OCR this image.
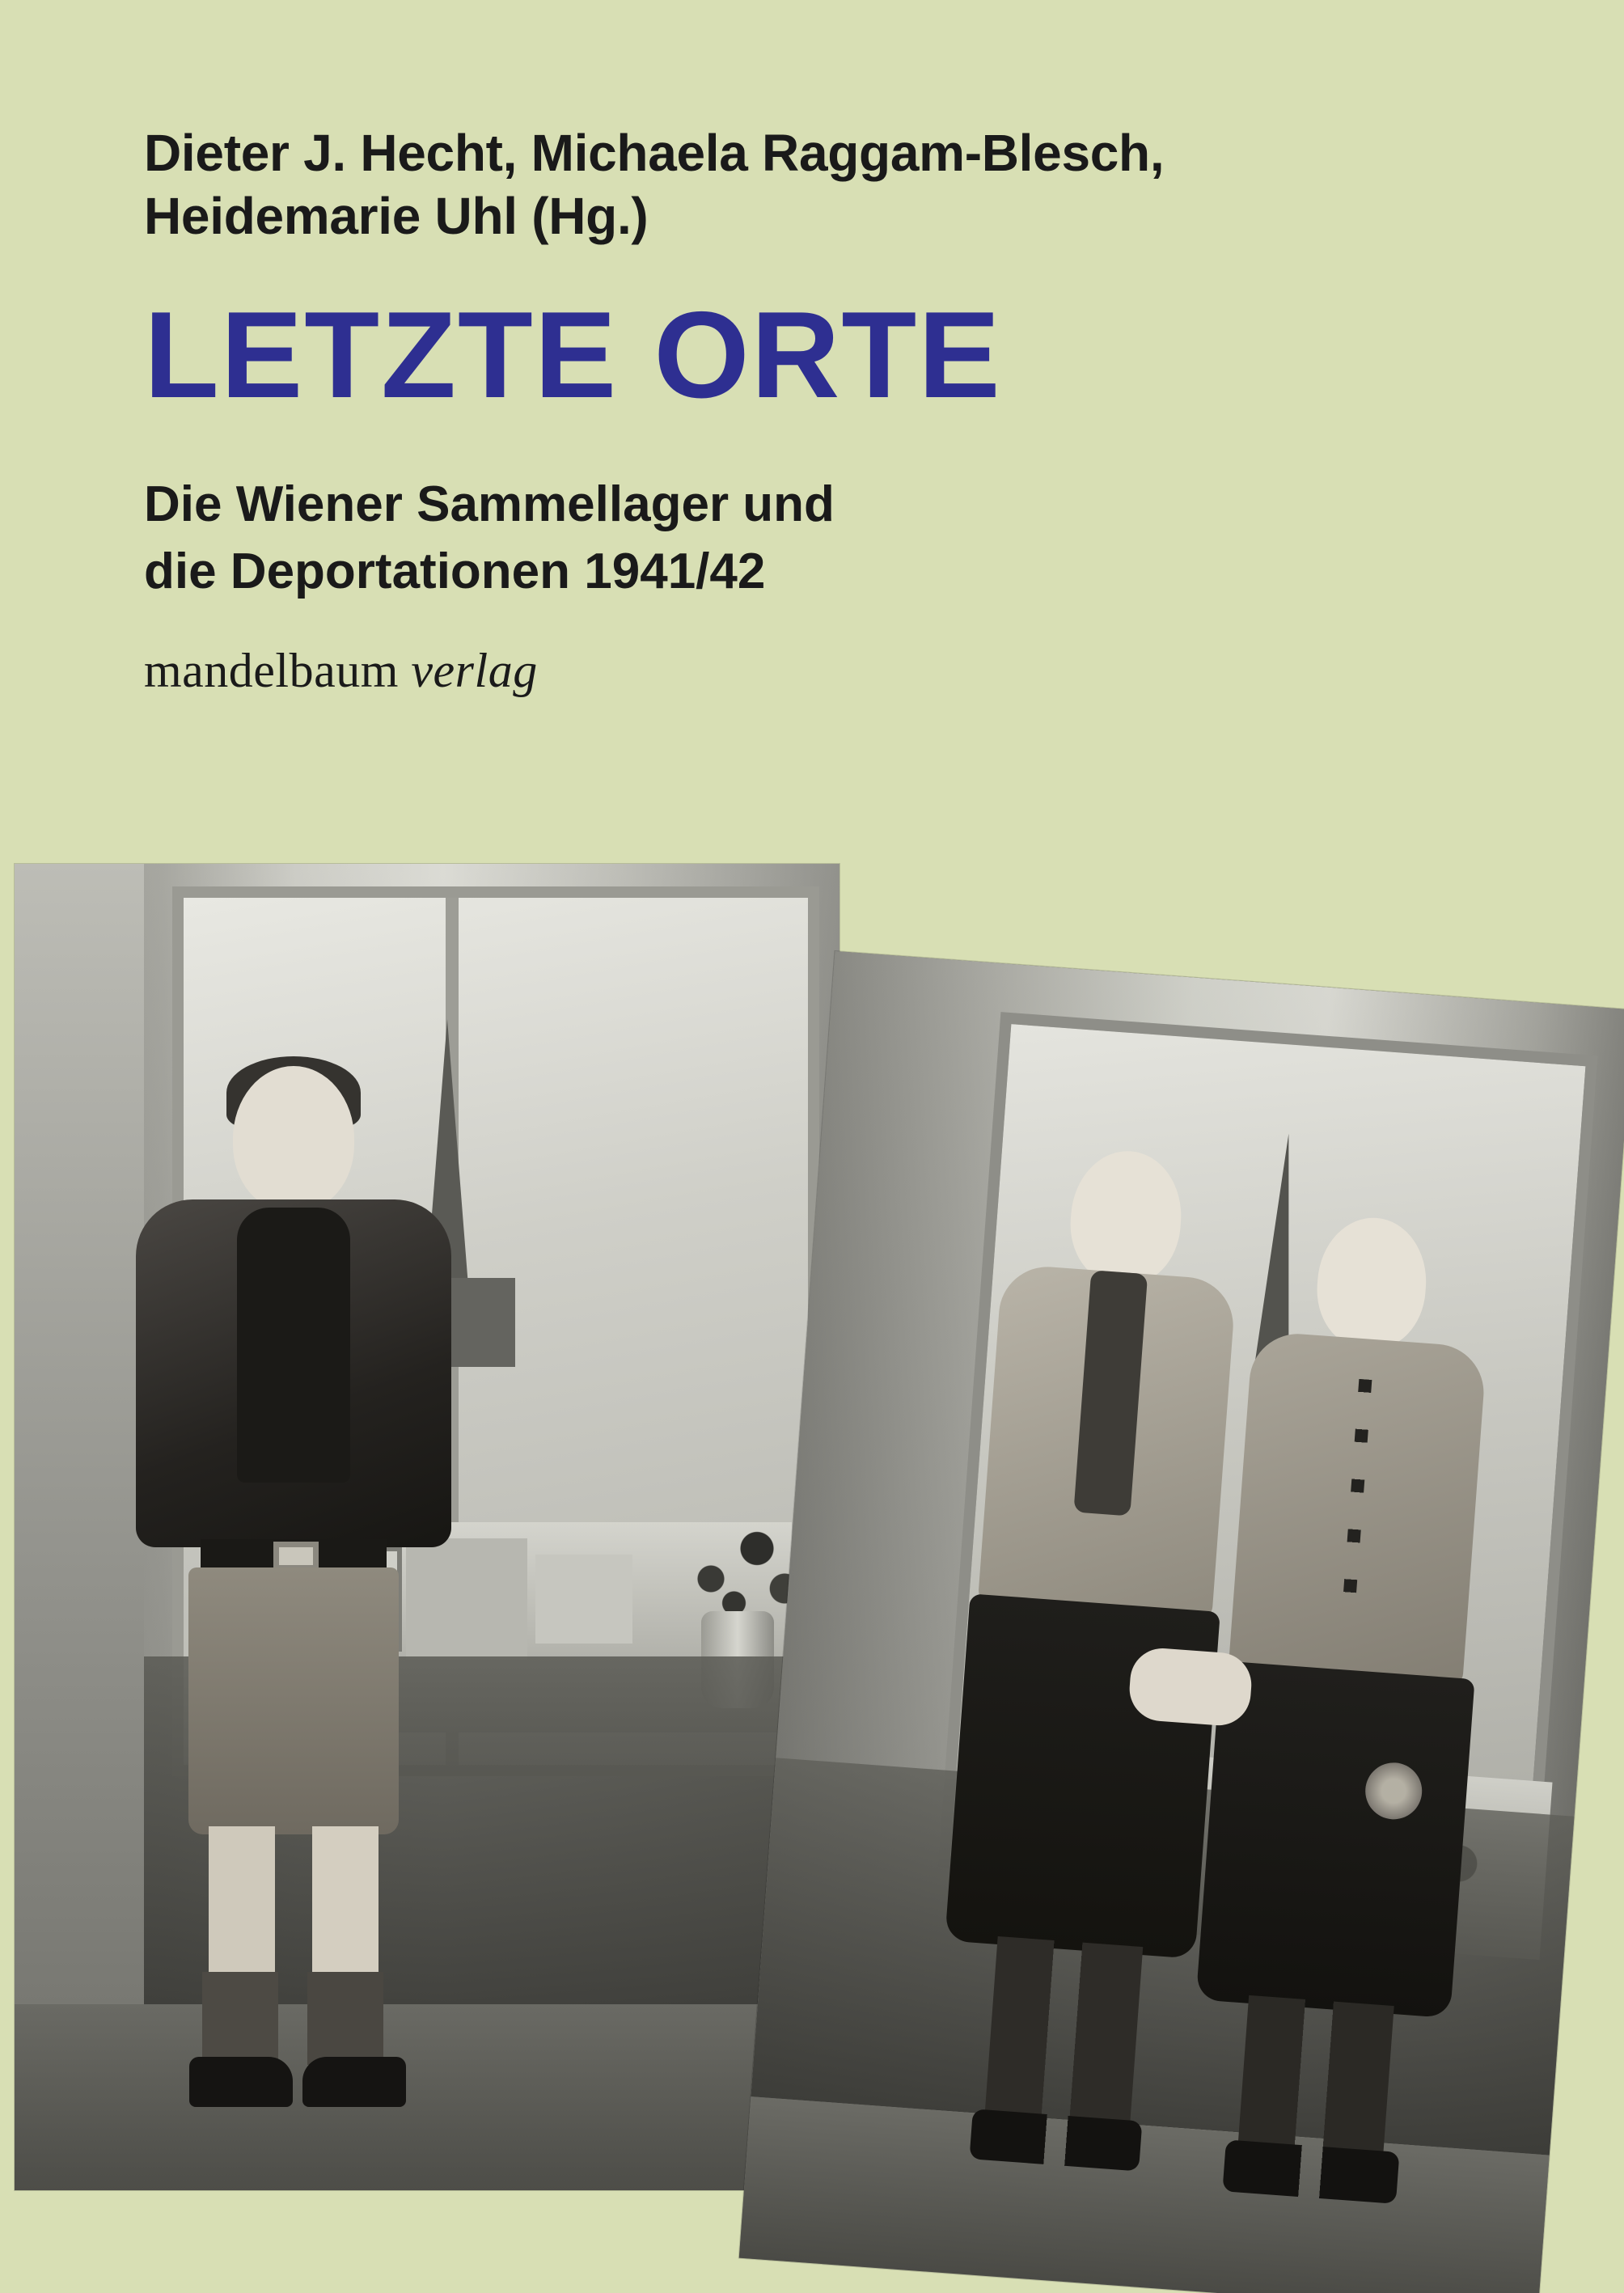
Dieter J. Hecht, Michaela Raggam-Blesch,
Heidemarie Uhl (Hg.)
LETZTE ORTE
Die Wiener Sammellager und
die Deportationen 1941/42
mandelbaum verlag
